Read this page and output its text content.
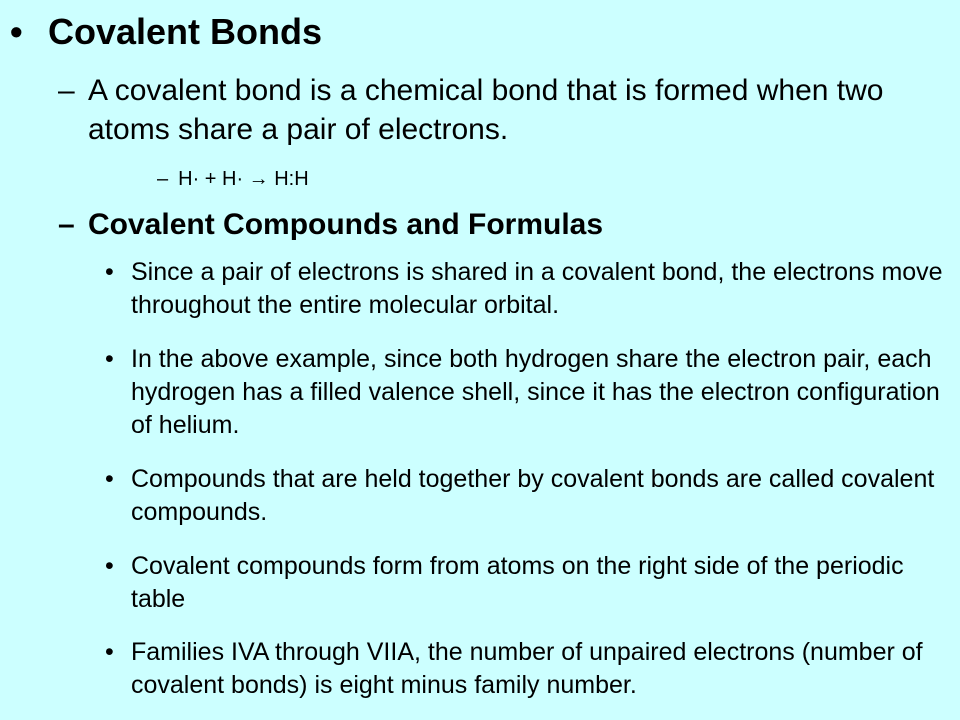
• Covalent Bonds
– A covalent bond is a chemical bond that is formed when two atoms share a pair of electrons.
– H· + H· → H:H
– Covalent Compounds and Formulas
• Since a pair of electrons is shared in a covalent bond, the electrons move throughout the entire molecular orbital.
• In the above example, since both hydrogen share the electron pair, each hydrogen has a filled valence shell, since it has the electron configuration of helium.
• Compounds that are held together by covalent bonds are called covalent compounds.
• Covalent compounds form from atoms on the right side of the periodic table
• Families IVA through VIIA, the number of unpaired electrons (number of covalent bonds) is eight minus family number.
